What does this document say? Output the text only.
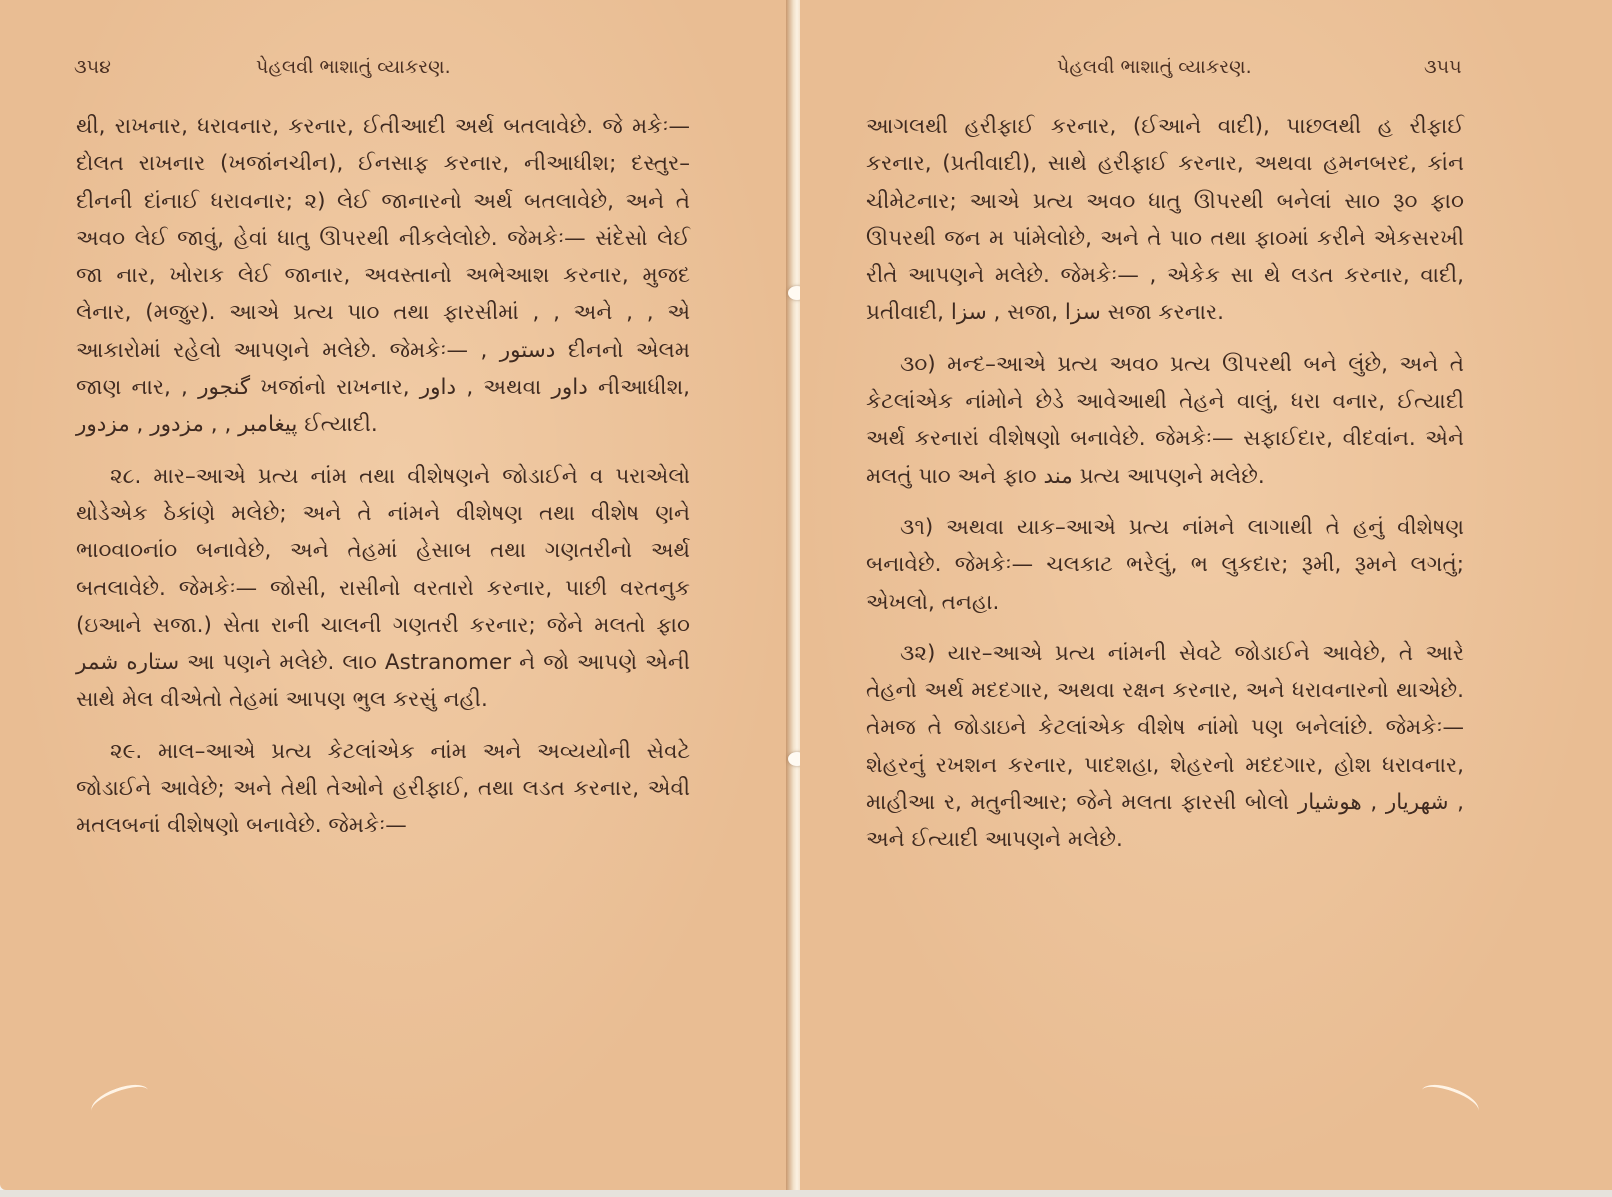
૩૫૪	પેહલવી ભાશાતું વ્યાકરણ.

થી, રાખનાર, ધરાવનાર, કરનાર, ઈતીઆદી અર્થ બતલાવેછે. જે મકેઃ— દોલત રાખનાર (ખજાંનચીન), ઈનસાફ કરનાર, નીઆધીશ; દસ્તુર–દીનની દાંનાઈ ધરાવનાર; ૨) લેઈ જાનારનો અર્થ બતલાવેછે, અને તે અવ૦ લેઈ જાવું, હેવાં ધાતુ ઊપરથી નીકલેલોછે. જેમકેઃ— સંદેસો લેઈ જા નાર, ખોરાક લેઈ જાનાર, અવસ્તાનો અભેઆશ કરનાર, મુજદ લેનાર, (મજુર). આએ પ્રત્ય પા૦ તથા ફારસીમાં , , અને , , એ આકારોમાં રહેલો આપણને મલેછે. જેમકેઃ— , دستور દીનનો એલમ જાણ નાર, , گنجور ખજાંનો રાખનાર, داور , અથવા داور નીઆધીશ, پیغامبر , , مزدور , مزدور ઈત્યાદી.

૨૮. માર–આએ પ્રત્ય નાંમ તથા વીશેષણને જોડાઈને વ પરાએલો થોડેએક ઠેકાંણે મલેછે; અને તે નાંમને વીશેષણ તથા વીશેષ ણને ભા૦વા૦નાં૦ બનાવેછે, અને તેહમાં હેસાબ તથા ગણતરીનો અર્થ બતલાવેછે. જેમકેઃ— જોસી, રાસીનો વરતારો કરનાર, પાછી વરતનુક (ઇઆને સજા.) સેતા રાની ચાલની ગણતરી કરનાર; જેને મલતો ફા૦ ستاره شمر આ પણને મલેછે. લા૦ Astranomer ને જો આપણે એની સાથે મેલ વીએતો તેહમાં આપણ ભુલ કરસું નહી.

૨૯. માલ–આએ પ્રત્ય કેટલાંએક નાંમ અને અવ્યયોની સેવટે જોડાઈને આવેછે; અને તેથી તેઓને હરીફાઈ, તથા લડત કરનાર, એવી મતલબનાં વીશેષણો બનાવેછે. જેમકેઃ—

પેહલવી ભાશાતું વ્યાકરણ.	૩૫૫

આગલથી હરીફાઈ કરનાર, (ઈઆને વાદી), પાછલથી હ રીફાઈ કરનાર, (પ્રતીવાદી), સાથે હરીફાઈ કરનાર, અથવા હમનબરદ, કાંન ચીમેટનાર; આએ પ્રત્ય અવ૦ ધાતુ ઊપરથી બનેલાં સા૦ રૂ૦ ફા૦ ઊપરથી જન મ પાંમેલોછે, અને તે પા૦ તથા ફા૦માં કરીને એકસરખી રીતે આપણને મલેછે. જેમકેઃ— , એકેક સા થે લડત કરનાર, વાદી, પ્રતીવાદી, سزا , સજા, سزا સજા કરનાર.

૩૦) મન્દ–આએ પ્રત્ય અવ૦ પ્રત્ય ઊપરથી બને લુંછે, અને તે કેટલાંએક નાંમોને છેડે આવેઆથી તેહને વાલું, ધરા વનાર, ઈત્યાદી અર્થ કરનારાં વીશેષણો બનાવેછે. જેમકેઃ— સફાઈદાર, વીદવાંન. એને મલતું પા૦ અને ફા૦ مند પ્રત્ય આપણને મલેછે.

૩૧) અથવા યાક–આએ પ્રત્ય નાંમને લાગાથી તે હનું વીશેષણ બનાવેછે. જેમકેઃ— ચલકાટ ભરેલું, ભ લુકદાર; રૂમી, રૂમને લગતું; એખલો, તનહા.

૩૨) યાર–આએ પ્રત્ય નાંમની સેવટે જોડાઈને આવેછે, તે આરે તેહનો અર્થ મદદગાર, અથવા રક્ષન કરનાર, અને ધરાવનારનો થાએછે. તેમજ તે જોડાઇને કેટલાંએક વીશેષ નાંમો પણ બનેલાંછે. જેમકેઃ— શેહરનું રખશન કરનાર, પાદશહા, શેહરનો મદદગાર, હોશ ધરાવનાર, માહીઆ ર, મતુનીઆર; જેને મલતા ફારસી બોલો شهریار , هوشیار , અને ઈત્યાદી આપણને મલેછે.
